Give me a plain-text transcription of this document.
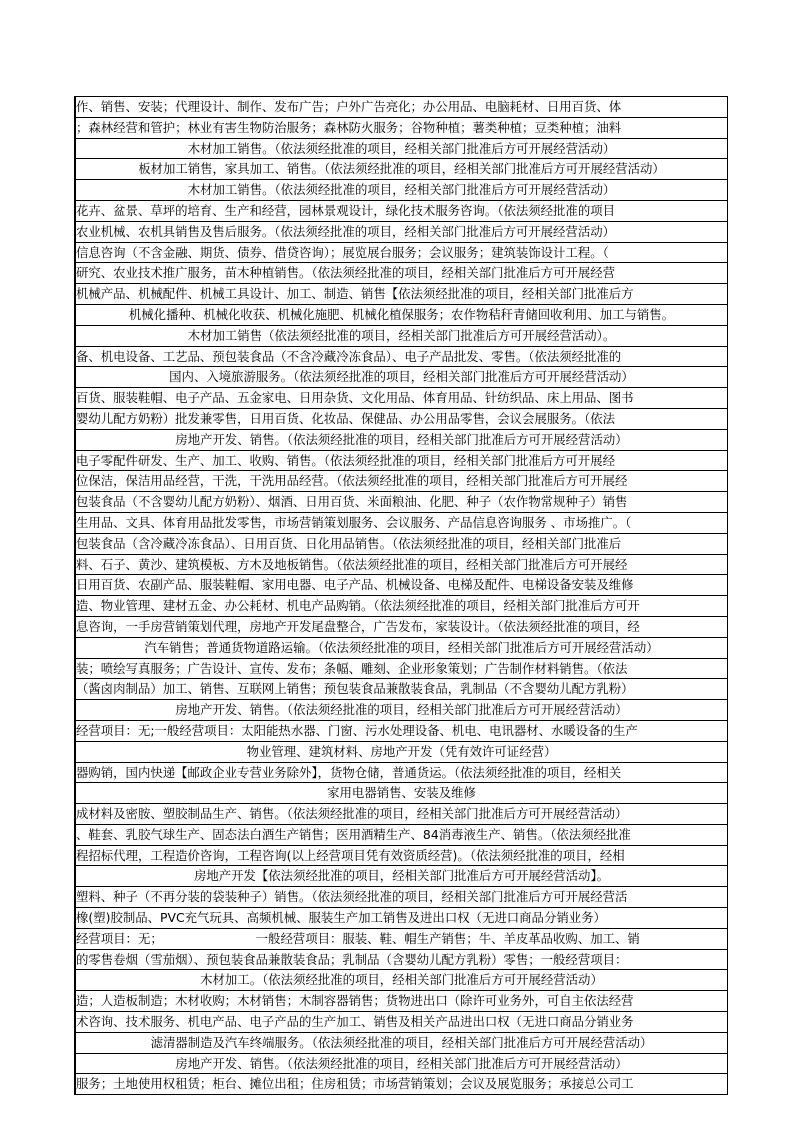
作、销售、安装；代理设计、制作、发布广告；户外广告亮化；办公用品、电脑耗材、日用百货、体
；森林经营和管护；林业有害生物防治服务；森林防火服务；谷物种植；薯类种植；豆类种植；油料
木材加工销售。（依法须经批准的项目，经相关部门批准后方可开展经营活动）
板材加工销售，家具加工、销售。（依法须经批准的项目，经相关部门批准后方可开展经营活动）
木材加工销售。（依法须经批准的项目，经相关部门批准后方可开展经营活动）
花卉、盆景、草坪的培育、生产和经营，园林景观设计，绿化技术服务咨询。（依法须经批准的项目
农业机械、农机具销售及售后服务。（依法须经批准的项目，经相关部门批准后方可开展经营活动）
信息咨询（不含金融、期货、债券、借贷咨询）；展览展台服务；会议服务；建筑装饰设计工程。（
研究、农业技术推广服务，苗木种植销售。（依法须经批准的项目，经相关部门批准后方可开展经营
机械产品、机械配件、机械工具设计、加工、制造、销售【依法须经批准的项目，经相关部门批准后方
机械化播种、机械化收获、机械化施肥、机械化植保服务；农作物秸秆青储回收利用、加工与销售。
木材加工销售（依法须经批准的项目，经相关部门批准后方可开展经营活动）。
备、机电设备、工艺品、预包装食品（不含冷藏冷冻食品）、电子产品批发、零售。（依法须经批准的
国内、入境旅游服务。（依法须经批准的项目，经相关部门批准后方可开展经营活动）
百货、服装鞋帽、电子产品、五金家电、日用杂货、文化用品、体育用品、针纺织品、床上用品、图书
婴幼儿配方奶粉）批发兼零售，日用百货、化妆品、保健品、办公用品零售，会议会展服务。（依法
房地产开发、销售。（依法须经批准的项目，经相关部门批准后方可开展经营活动）
电子零配件研发、生产、加工、收购、销售。（依法须经批准的项目，经相关部门批准后方可开展经
位保洁，保洁用品经营，干洗，干洗用品经营。（依法须经批准的项目，经相关部门批准后方可开展经
包装食品（不含婴幼儿配方奶粉）、烟酒、日用百货、米面粮油、化肥、种子（农作物常规种子）销售
生用品、文具、体育用品批发零售，市场营销策划服务、会议服务、产品信息咨询服务 、市场推广。（
包装食品（含冷藏冷冻食品）、日用百货、日化用品销售。（依法须经批准的项目，经相关部门批准后
料、石子、黄沙、建筑模板、方木及地板销售。（依法须经批准的项目，经相关部门批准后方可开展经
日用百货、农副产品、服装鞋帽、家用电器、电子产品、机械设备、电梯及配件、电梯设备安装及维修
造、物业管理、建材五金、办公耗材、机电产品购销。（依法须经批准的项目，经相关部门批准后方可开
息咨询，一手房营销策划代理，房地产开发尾盘整合，广告发布，家装设计。（依法须经批准的项目，经
汽车销售；普通货物道路运输。（依法须经批准的项目，经相关部门批准后方可开展经营活动）
装；喷绘写真服务；广告设计、宣传、发布；条幅、雕刻、企业形象策划；广告制作材料销售。（依法
（酱卤肉制品）加工、销售、互联网上销售；预包装食品兼散装食品，乳制品（不含婴幼儿配方乳粉）
房地产开发、销售。（依法须经批准的项目，经相关部门批准后方可开展经营活动）
经营项目：无;一般经营项目：太阳能热水器、门窗、污水处理设备、机电、电讯器材、水暖设备的生产
物业管理、建筑材料、房地产开发（凭有效许可证经营）
器购销，国内快递【邮政企业专营业务除外】，货物仓储，普通货运。（依法须经批准的项目，经相关
家用电器销售、安装及维修
成材料及密胺、塑胶制品生产、销售。（依法须经批准的项目，经相关部门批准后方可开展经营活动）
、鞋套、乳胶气球生产、固态法白酒生产销售；医用酒精生产、84消毒液生产、销售。（依法须经批准
程招标代理，工程造价咨询，工程咨询(以上经营项目凭有效资质经营)。（依法须经批准的项目，经相
房地产开发【依法须经批准的项目，经相关部门批准后方可开展经营活动】。
塑料、种子（不再分装的袋装种子）销售。（依法须经批准的项目，经相关部门批准后方可开展经营活
橡(塑)胶制品、PVC充气玩具、高频机械、服装生产加工销售及进出口权（无进口商品分销业务）
经营项目：无；　　　　　　　　一般经营项目：服装、鞋、帽生产销售；牛、羊皮革品收购、加工、销
的零售卷烟（雪茄烟）、预包装食品兼散装食品；乳制品（含婴幼儿配方乳粉）零售；一般经营项目：
木材加工。（依法须经批准的项目，经相关部门批准后方可开展经营活动）
造；人造板制造；木材收购；木材销售；木制容器销售；货物进出口（除许可业务外，可自主依法经营
术咨询、技术服务、机电产品、电子产品的生产加工、销售及相关产品进出口权（无进口商品分销业务
滤清器制造及汽车终端服务。（依法须经批准的项目，经相关部门批准后方可开展经营活动）
房地产开发、销售。（依法须经批准的项目，经相关部门批准后方可开展经营活动）
服务；土地使用权租赁；柜台、摊位出租；住房租赁；市场营销策划；会议及展览服务；承接总公司工
